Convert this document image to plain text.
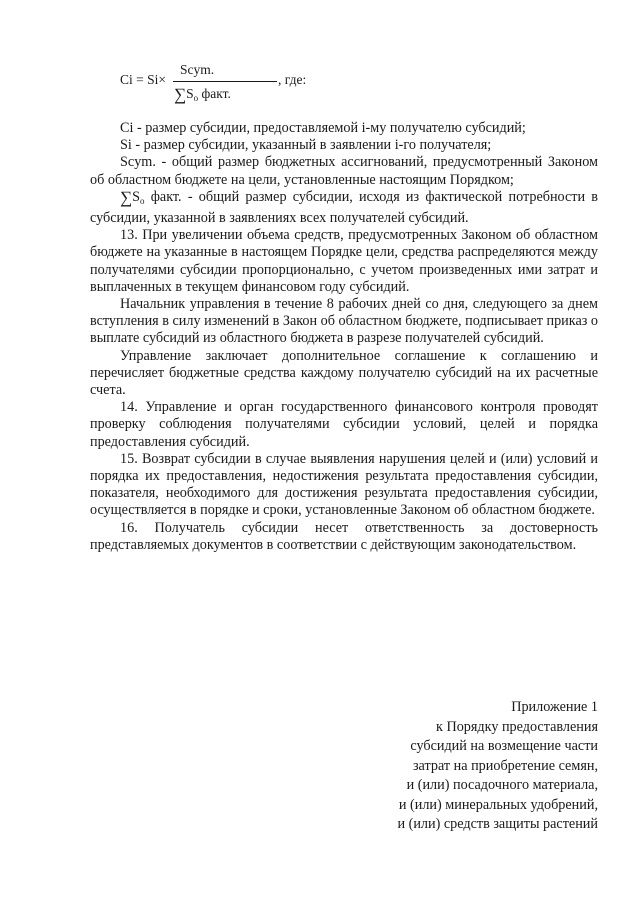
Ci = Si×
Scym.
$\sum S_o$ факт.
, где:

Ci - размер субсидии, предоставляемой i-му получателю субсидий;

Si - размер субсидии, указанный в заявлении i-го получателя;

Scym. - общий размер бюджетных ассигнований, предусмотренный Законом об областном бюджете на цели, установленные настоящим Порядком;

$\sum S_o$ факт. - общий размер субсидии, исходя из фактической потребности в субсидии, указанной в заявлениях всех получателей субсидий.

13. При увеличении объема средств, предусмотренных Законом об областном бюджете на указанные в настоящем Порядке цели, средства распределяются между получателями субсидии пропорционально, с учетом произведенных ими затрат и выплаченных в текущем финансовом году субсидий.

Начальник управления в течение 8 рабочих дней со дня, следующего за днем вступления в силу изменений в Закон об областном бюджете, подписывает приказ о выплате субсидий из областного бюджета в разрезе получателей субсидий.

Управление заключает дополнительное соглашение к соглашению и перечисляет бюджетные средства каждому получателю субсидий на их расчетные счета.

14. Управление и орган государственного финансового контроля проводят проверку соблюдения получателями субсидии условий, целей и порядка предоставления субсидий.

15. Возврат субсидии в случае выявления нарушения целей и (или) условий и порядка их предоставления, недостижения результата предоставления субсидии, показателя, необходимого для достижения результата предоставления субсидии, осуществляется в порядке и сроки, установленные Законом об областном бюджете.

16. Получатель субсидии несет ответственность за достоверность представляемых документов в соответствии с действующим законодательством.

Приложение 1
к Порядку предоставления
субсидий на возмещение части
затрат на приобретение семян,
и (или) посадочного материала,
и (или) минеральных удобрений,
и (или) средств защиты растений
